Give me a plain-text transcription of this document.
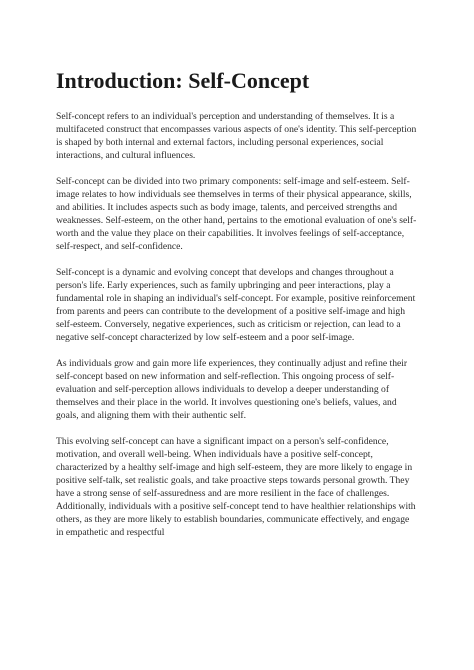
Introduction: Self-Concept

Self-concept refers to an individual's perception and understanding of themselves. It is a multifaceted construct that encompasses various aspects of one's identity. This self-perception is shaped by both internal and external factors, including personal experiences, social interactions, and cultural influences.

Self-concept can be divided into two primary components: self-image and self-esteem. Self-image relates to how individuals see themselves in terms of their physical appearance, skills, and abilities. It includes aspects such as body image, talents, and perceived strengths and weaknesses. Self-esteem, on the other hand, pertains to the emotional evaluation of one's self-worth and the value they place on their capabilities. It involves feelings of self-acceptance, self-respect, and self-confidence.

Self-concept is a dynamic and evolving concept that develops and changes throughout a person's life. Early experiences, such as family upbringing and peer interactions, play a fundamental role in shaping an individual's self-concept. For example, positive reinforcement from parents and peers can contribute to the development of a positive self-image and high self-esteem. Conversely, negative experiences, such as criticism or rejection, can lead to a negative self-concept characterized by low self-esteem and a poor self-image.

As individuals grow and gain more life experiences, they continually adjust and refine their self-concept based on new information and self-reflection. This ongoing process of self-evaluation and self-perception allows individuals to develop a deeper understanding of themselves and their place in the world. It involves questioning one's beliefs, values, and goals, and aligning them with their authentic self.

This evolving self-concept can have a significant impact on a person's self-confidence, motivation, and overall well-being. When individuals have a positive self-concept, characterized by a healthy self-image and high self-esteem, they are more likely to engage in positive self-talk, set realistic goals, and take proactive steps towards personal growth. They have a strong sense of self-assuredness and are more resilient in the face of challenges. Additionally, individuals with a positive self-concept tend to have healthier relationships with others, as they are more likely to establish boundaries, communicate effectively, and engage in empathetic and respectful
